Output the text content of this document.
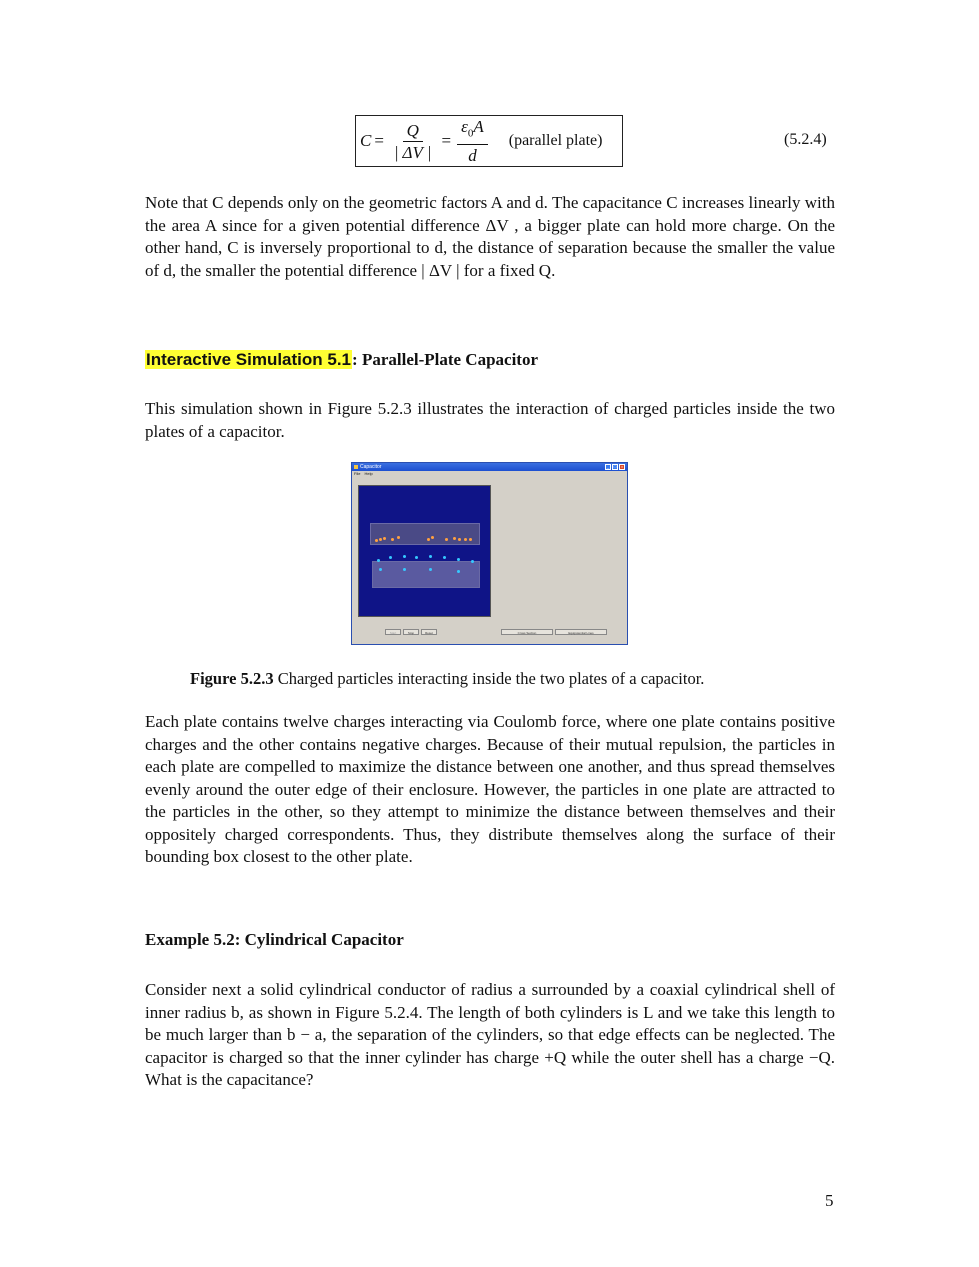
$C = \frac{Q}{| \Delta V |} = \frac{\varepsilon_0A}{d}$ (parallel plate)	(5.2.4)

Note that C depends only on the geometric factors A and d. The capacitance C increases linearly with the area A since for a given potential difference ΔV , a bigger plate can hold more charge. On the other hand, C is inversely proportional to d, the distance of separation because the smaller the value of d, the smaller the potential difference | ΔV | for a fixed Q.

Interactive Simulation 5.1: Parallel-Plate Capacitor

This simulation shown in Figure 5.2.3 illustrates the interaction of charged particles inside the two plates of a capacitor.

Capacitor	_	□	×
File Help
Start	Stop	Reset	Cross Section	Equipotential Lines

Figure 5.2.3 Charged particles interacting inside the two plates of a capacitor.

Each plate contains twelve charges interacting via Coulomb force, where one plate contains positive charges and the other contains negative charges. Because of their mutual repulsion, the particles in each plate are compelled to maximize the distance between one another, and thus spread themselves evenly around the outer edge of their enclosure. However, the particles in one plate are attracted to the particles in the other, so they attempt to minimize the distance between themselves and their oppositely charged correspondents. Thus, they distribute themselves along the surface of their bounding box closest to the other plate.

Example 5.2: Cylindrical Capacitor

Consider next a solid cylindrical conductor of radius a surrounded by a coaxial cylindrical shell of inner radius b, as shown in Figure 5.2.4. The length of both cylinders is L and we take this length to be much larger than b − a, the separation of the cylinders, so that edge effects can be neglected. The capacitor is charged so that the inner cylinder has charge +Q while the outer shell has a charge −Q. What is the capacitance?

5
